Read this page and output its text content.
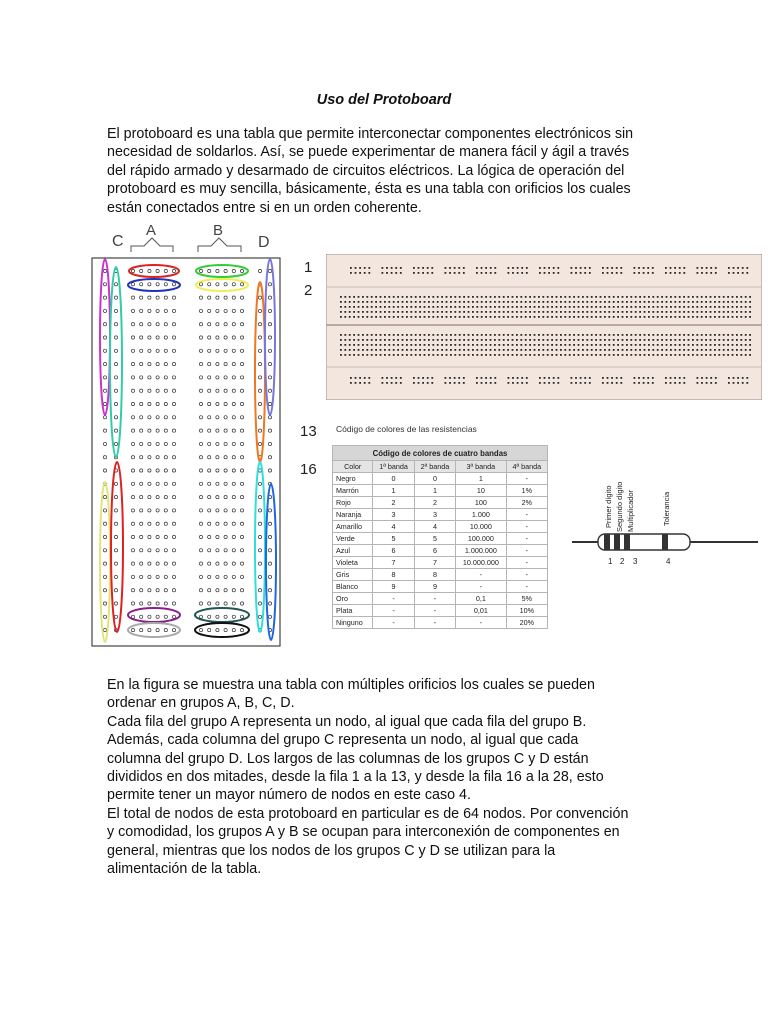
Uso del Protoboard

El protoboard es una tabla que permite interconectar componentes electrónicos sin

necesidad de soldarlos. Así, se puede experimentar de manera fácil y ágil a través

del rápido armado y desarmado de circuitos eléctricos. La lógica de operación del

protoboard es muy sencilla, básicamente, ésta es una tabla con orificios los cuales

están conectados entre si en un orden coherente.

C
A	B
D
1
2
13
16
Código de colores de las resistencias
Código de colores de cuatro bandas				
Color	1ª banda	2ª banda	3ª banda	4ª banda
Negro	0	0	1	-
Marrón	1	1	10	1%
Rojo	2	2	100	2%
Naranja	3	3	1.000	-
Amarillo	4	4	10.000	-
Verde	5	5	100.000	-
Azul	6	6	1.000.000	-
Violeta	7	7	10.000.000	-
Gris	8	8	-	-
Blanco	9	9	-	-
Oro	-	-	0,1	5%
Plata	-	-	0,01	10%
Ninguno	-	-	-	20%
Primer dígito Segundo dígito Multiplicador	Tolerancia
1 2 3	4
En la figura se muestra una tabla con múltiples orificios los cuales se pueden
ordenar en grupos A, B, C, D.
Cada fila del grupo A representa un nodo, al igual que cada fila del grupo B.
Además, cada columna del grupo C representa un nodo, al igual que cada
columna del grupo D. Los largos de las columnas de los grupos C y D están
divididos en dos mitades, desde la fila 1 a la 13, y desde la fila 16 a la 28, esto
permite tener un mayor número de nodos en este caso 4.
El total de nodos de esta protoboard en particular es de 64 nodos. Por convención
y comodidad, los grupos A y B se ocupan para interconexión de componentes en
general, mientras que los nodos de los grupos C y D se utilizan para la
alimentación de la tabla.
